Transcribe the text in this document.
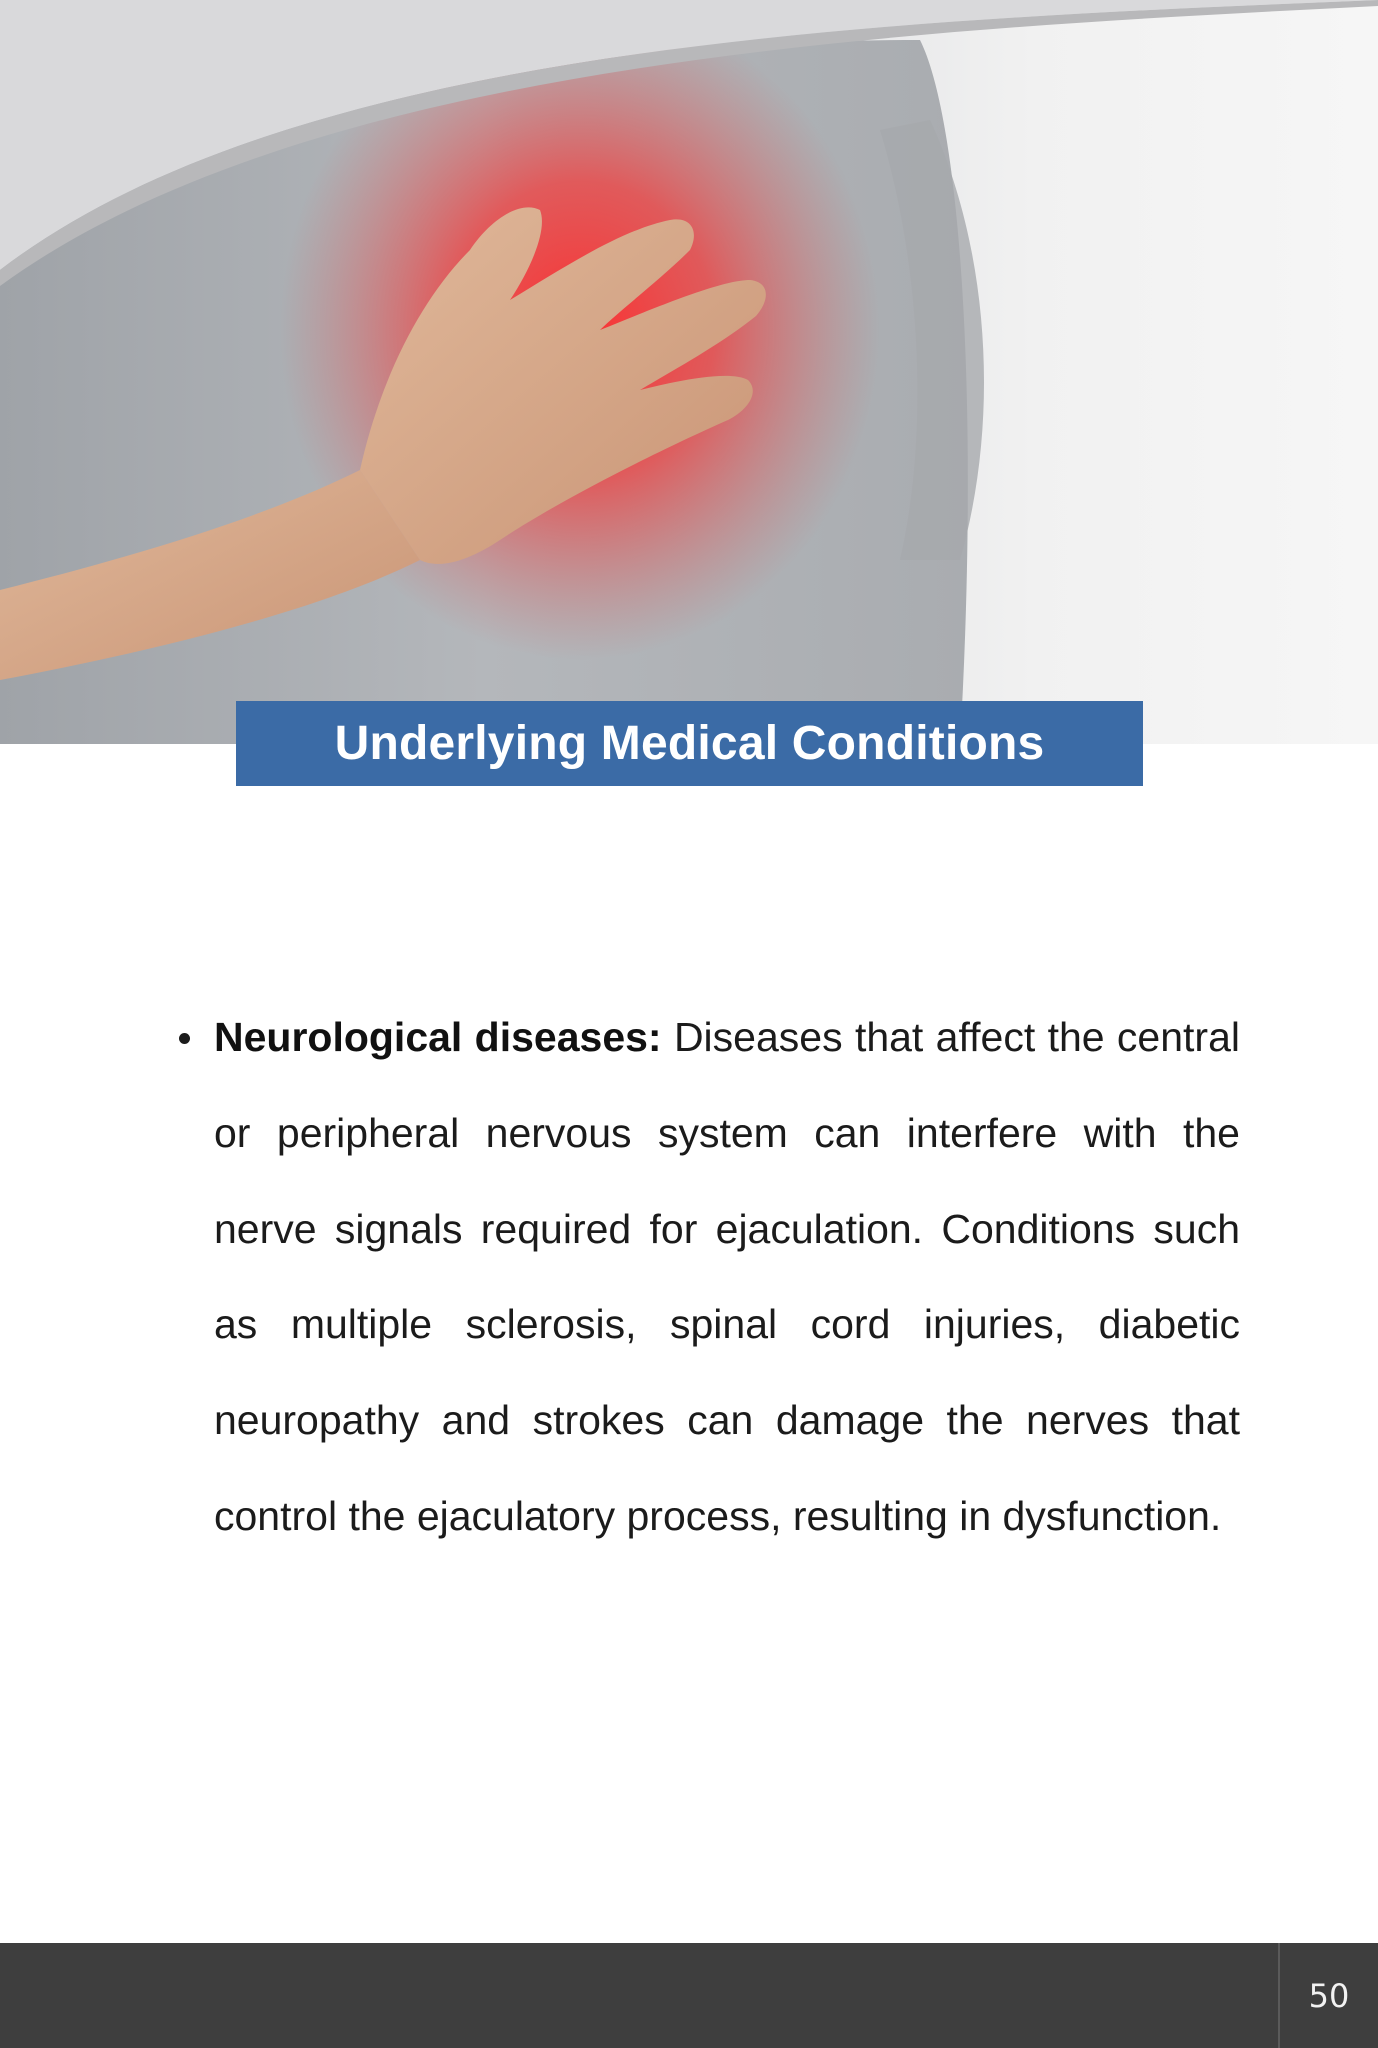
Underlying Medical Conditions
Neurological diseases: Diseases that affect the central or peripheral nervous system can interfere with the nerve signals required for ejaculation. Conditions such as multiple sclerosis, spinal cord injuries, diabetic neuropathy and strokes can damage the nerves that control the ejaculatory process, resulting in dysfunction.
50
